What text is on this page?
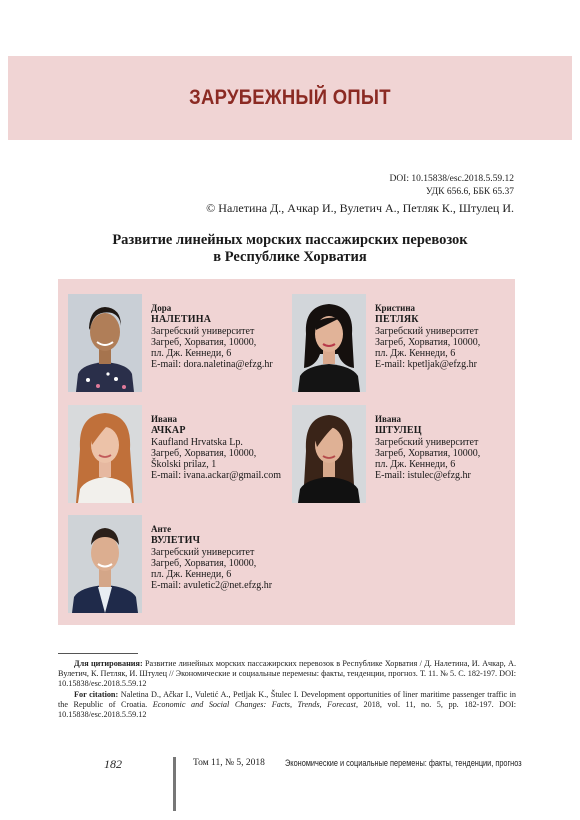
ЗАРУБЕЖНЫЙ ОПЫТ
DOI: 10.15838/esc.2018.5.59.12
УДК 656.6, ББК 65.37
© Налетина Д., Ачкар И., Вулетич А., Петляк К., Штулец И.
Развитие линейных морских пассажирских перевозок
в Республике Хорватия
Дора
НАЛЕТИНА
Загребский университет
Загреб, Хорватия, 10000,
пл. Дж. Кеннеди, 6
E-mail: dora.naletina@efzg.hr
Кристина
ПЕТЛЯК
Загребский университет
Загреб, Хорватия, 10000,
пл. Дж. Кеннеди, 6
E-mail: kpetljak@efzg.hr
Ивана
АЧКАР
Kaufland Hrvatska Lp.
Загреб, Хорватия, 10000,
Školski prilaz, 1
E-mail: ivana.ackar@gmail.com
Ивана
ШТУЛЕЦ
Загребский университет
Загреб, Хорватия, 10000,
пл. Дж. Кеннеди, 6
E-mail: istulec@efzg.hr
Анте
ВУЛЕТИЧ
Загребский университет
Загреб, Хорватия, 10000,
пл. Дж. Кеннеди, 6
E-mail: avuletic2@net.efzg.hr
Для цитирования: Развитие линейных морских пассажирских перевозок в Республике Хорватия / Д. Налетина, И. Ачкар, А. Вулетич, К. Петляк, И. Штулец // Экономические и социальные перемены: факты, тенденции, прогноз. Т. 11. № 5. С. 182-197. DOI: 10.15838/esc.2018.5.59.12
For citation: Naletina D., Ačkar I., Vuletić A., Petljak K., Štulec I. Development opportunities of liner maritime passenger traffic in the Republic of Croatia. Economic and Social Changes: Facts, Trends, Forecast, 2018, vol. 11, no. 5, pp. 182-197. DOI: 10.15838/esc.2018.5.59.12
182	Том 11, № 5, 2018 Экономические и социальные перемены: факты, тенденции, прогноз
